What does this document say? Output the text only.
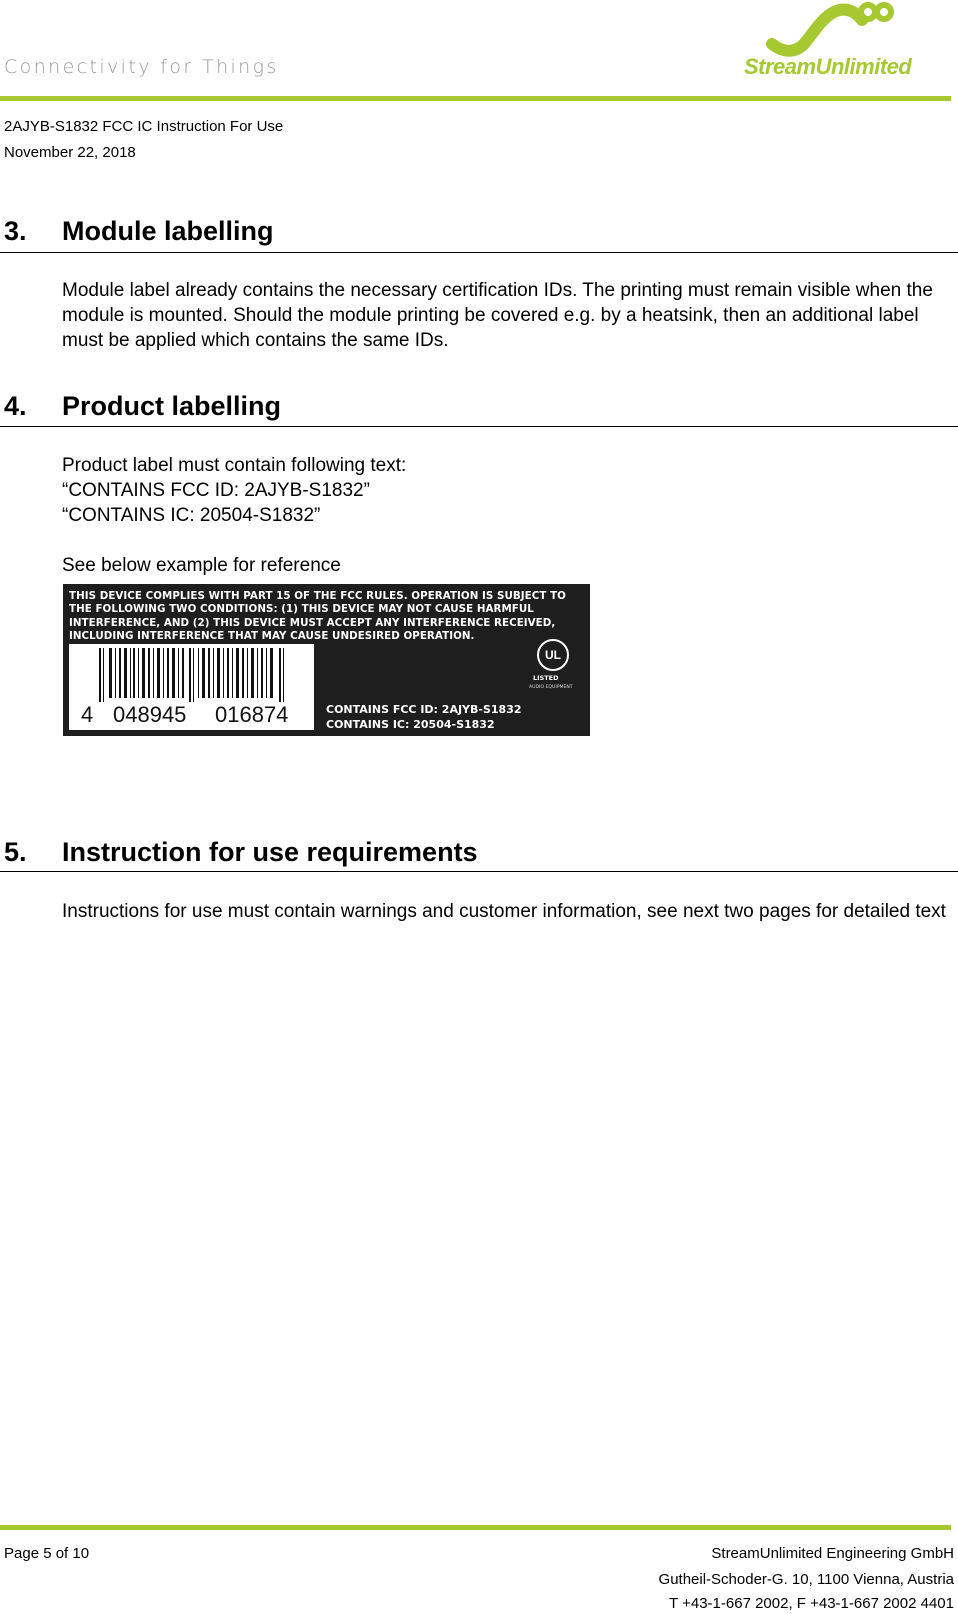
Connectivity for Things	StreamUnlimited
2AJYB-S1832 FCC IC Instruction For Use
November 22, 2018
3. Module labelling
Module label already contains the necessary certification IDs. The printing must remain visible when the module is mounted. Should the module printing be covered e.g. by a heatsink, then an additional label must be applied which contains the same IDs.
4. Product labelling
Product label must contain following text:
“CONTAINS FCC ID: 2AJYB-S1832”
“CONTAINS IC: 20504-S1832”
See below example for reference
THIS DEVICE COMPLIES WITH PART 15 OF THE FCC RULES. OPERATION IS SUBJECT TO THE FOLLOWING TWO CONDITIONS: (1) THIS DEVICE MAY NOT CAUSE HARMFUL INTERFERENCE, AND (2) THIS DEVICE MUST ACCEPT ANY INTERFERENCE RECEIVED, INCLUDING INTERFERENCE THAT MAY CAUSE UNDESIRED OPERATION.
4 048945 016874
UL
LISTED
AUDIO EQUIPMENT
CONTAINS FCC ID: 2AJYB-S1832
CONTAINS IC: 20504-S1832
5. Instruction for use requirements
Instructions for use must contain warnings and customer information, see next two pages for detailed text
Page 5 of 10	StreamUnlimited Engineering GmbH
Gutheil-Schoder-G. 10, 1100 Vienna, Austria
T +43-1-667 2002, F +43-1-667 2002 4401
